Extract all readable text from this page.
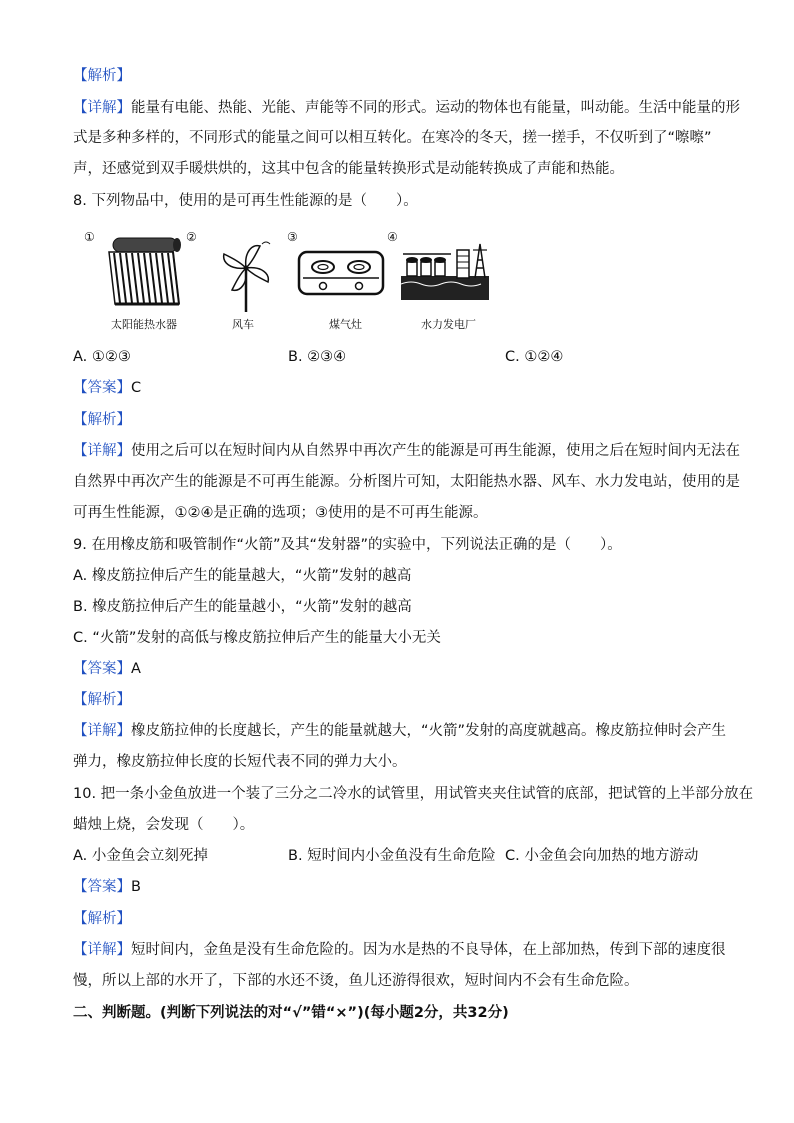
【解析】
【详解】能量有电能、热能、光能、声能等不同的形式。运动的物体也有能量，叫动能。生活中能量的形
式是多种多样的，不同形式的能量之间可以相互转化。在寒冷的冬天，搓一搓手，不仅听到了“嚓嚓”
声，还感觉到双手暖烘烘的，这其中包含的能量转换形式是动能转换成了声能和热能。
8. 下列物品中，使用的是可再生性能源的是（　　）。
①	②	③	④
太阳能热水器	风车	煤气灶	水力发电厂
A. ①②③	B. ②③④	C. ①②④
【答案】C
【解析】
【详解】使用之后可以在短时间内从自然界中再次产生的能源是可再生能源，使用之后在短时间内无法在
自然界中再次产生的能源是不可再生能源。分析图片可知，太阳能热水器、风车、水力发电站，使用的是
可再生性能源，①②④是正确的选项；③使用的是不可再生能源。
9. 在用橡皮筋和吸管制作“火箭”及其“发射器”的实验中，下列说法正确的是（　　）。
A. 橡皮筋拉伸后产生的能量越大，“火箭”发射的越高
B. 橡皮筋拉伸后产生的能量越小，“火箭”发射的越高
C. “火箭”发射的高低与橡皮筋拉伸后产生的能量大小无关
【答案】A
【解析】
【详解】橡皮筋拉伸的长度越长，产生的能量就越大，“火箭”发射的高度就越高。橡皮筋拉伸时会产生
弹力，橡皮筋拉伸长度的长短代表不同的弹力大小。
10. 把一条小金鱼放进一个装了三分之二冷水的试管里，用试管夹夹住试管的底部，把试管的上半部分放在
蜡烛上烧，会发现（　　）。
A. 小金鱼会立刻死掉	B. 短时间内小金鱼没有生命危险 C. 小金鱼会向加热的地方游动
【答案】B
【解析】
【详解】短时间内，金鱼是没有生命危险的。因为水是热的不良导体，在上部加热，传到下部的速度很
慢，所以上部的水开了，下部的水还不烫，鱼儿还游得很欢，短时间内不会有生命危险。
二、判断题。(判断下列说法的对“√”错“×”)(每小题2分，共32分)
